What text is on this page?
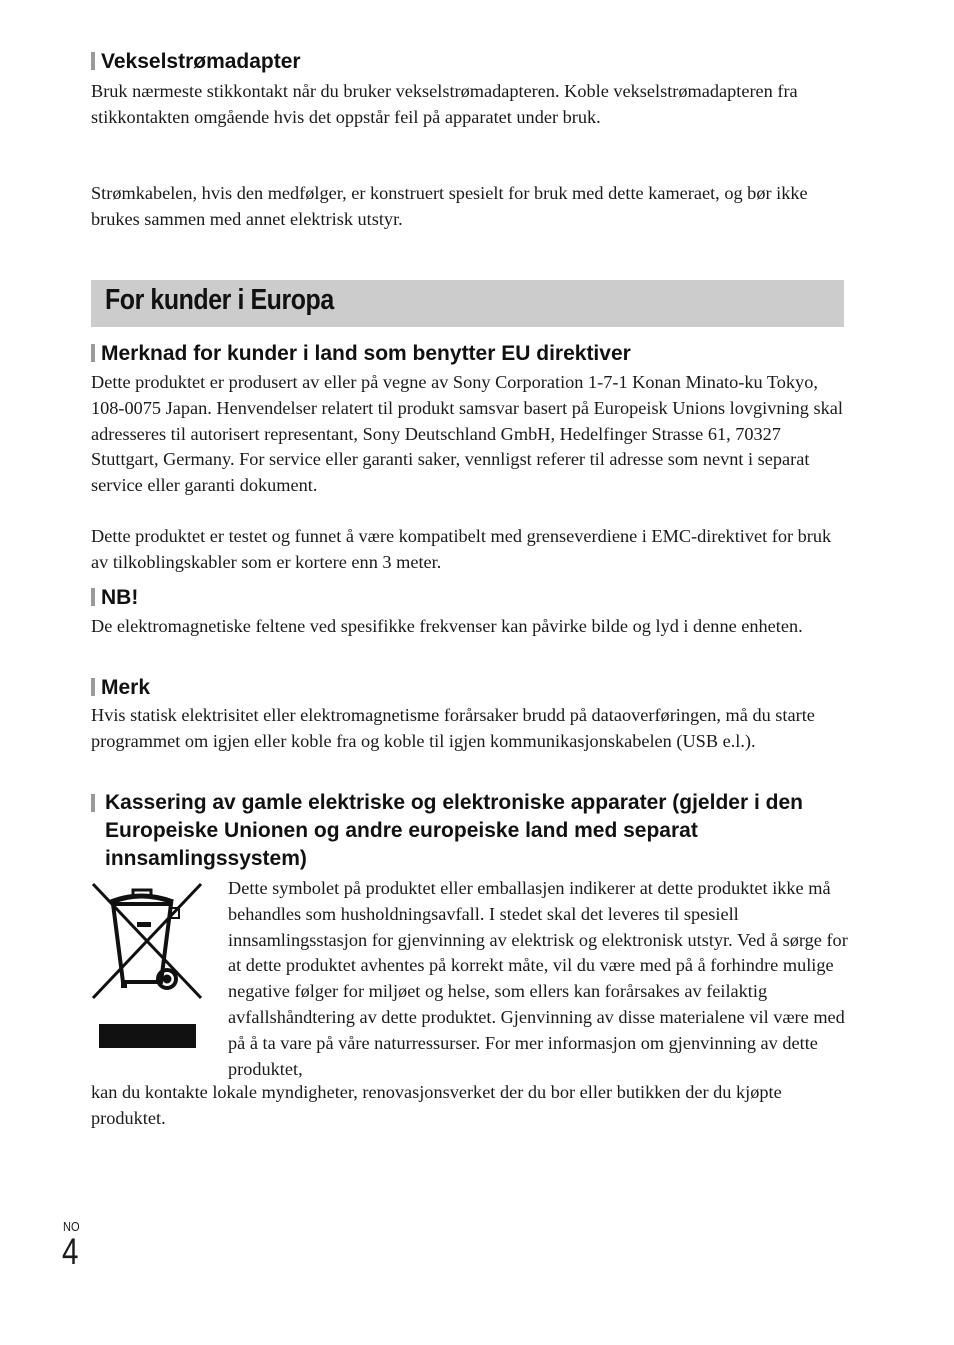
Vekselstrømadapter

Bruk nærmeste stikkontakt når du bruker vekselstrømadapteren. Koble vekselstrømadapteren fra stikkontakten omgående hvis det oppstår feil på apparatet under bruk.

Strømkabelen, hvis den medfølger, er konstruert spesielt for bruk med dette kameraet, og bør ikke brukes sammen med annet elektrisk utstyr.

For kunder i Europa
Merknad for kunder i land som benytter EU direktiver

Dette produktet er produsert av eller på vegne av Sony Corporation 1-7-1 Konan Minato-ku Tokyo, 108-0075 Japan. Henvendelser relatert til produkt samsvar basert på Europeisk Unions lovgivning skal adresseres til autorisert representant, Sony Deutschland GmbH, Hedelfinger Strasse 61, 70327 Stuttgart, Germany. For service eller garanti saker, vennligst referer til adresse som nevnt i separat service eller garanti dokument.

Dette produktet er testet og funnet å være kompatibelt med grenseverdiene i EMC-direktivet for bruk av tilkoblingskabler som er kortere enn 3 meter.

NB!

De elektromagnetiske feltene ved spesifikke frekvenser kan påvirke bilde og lyd i denne enheten.

Merk

Hvis statisk elektrisitet eller elektromagnetisme forårsaker brudd på dataoverføringen, må du starte programmet om igjen eller koble fra og koble til igjen kommunikasjonskabelen (USB e.l.).

Kassering av gamle elektriske og elektroniske apparater (gjelder i den Europeiske Unionen og andre europeiske land med separat innsamlingssystem)

Dette symbolet på produktet eller emballasjen indikerer at dette produktet ikke må behandles som husholdningsavfall. I stedet skal det leveres til spesiell innsamlingsstasjon for gjenvinning av elektrisk og elektronisk utstyr. Ved å sørge for at dette produktet avhentes på korrekt måte, vil du være med på å forhindre mulige negative følger for miljøet og helse, som ellers kan forårsakes av feilaktig avfallshåndtering av dette produktet. Gjenvinning av disse materialene vil være med på å ta vare på våre naturressurser. For mer informasjon om gjenvinning av dette produktet,

kan du kontakte lokale myndigheter, renovasjonsverket der du bor eller butikken der du kjøpte produktet.

NO
4
